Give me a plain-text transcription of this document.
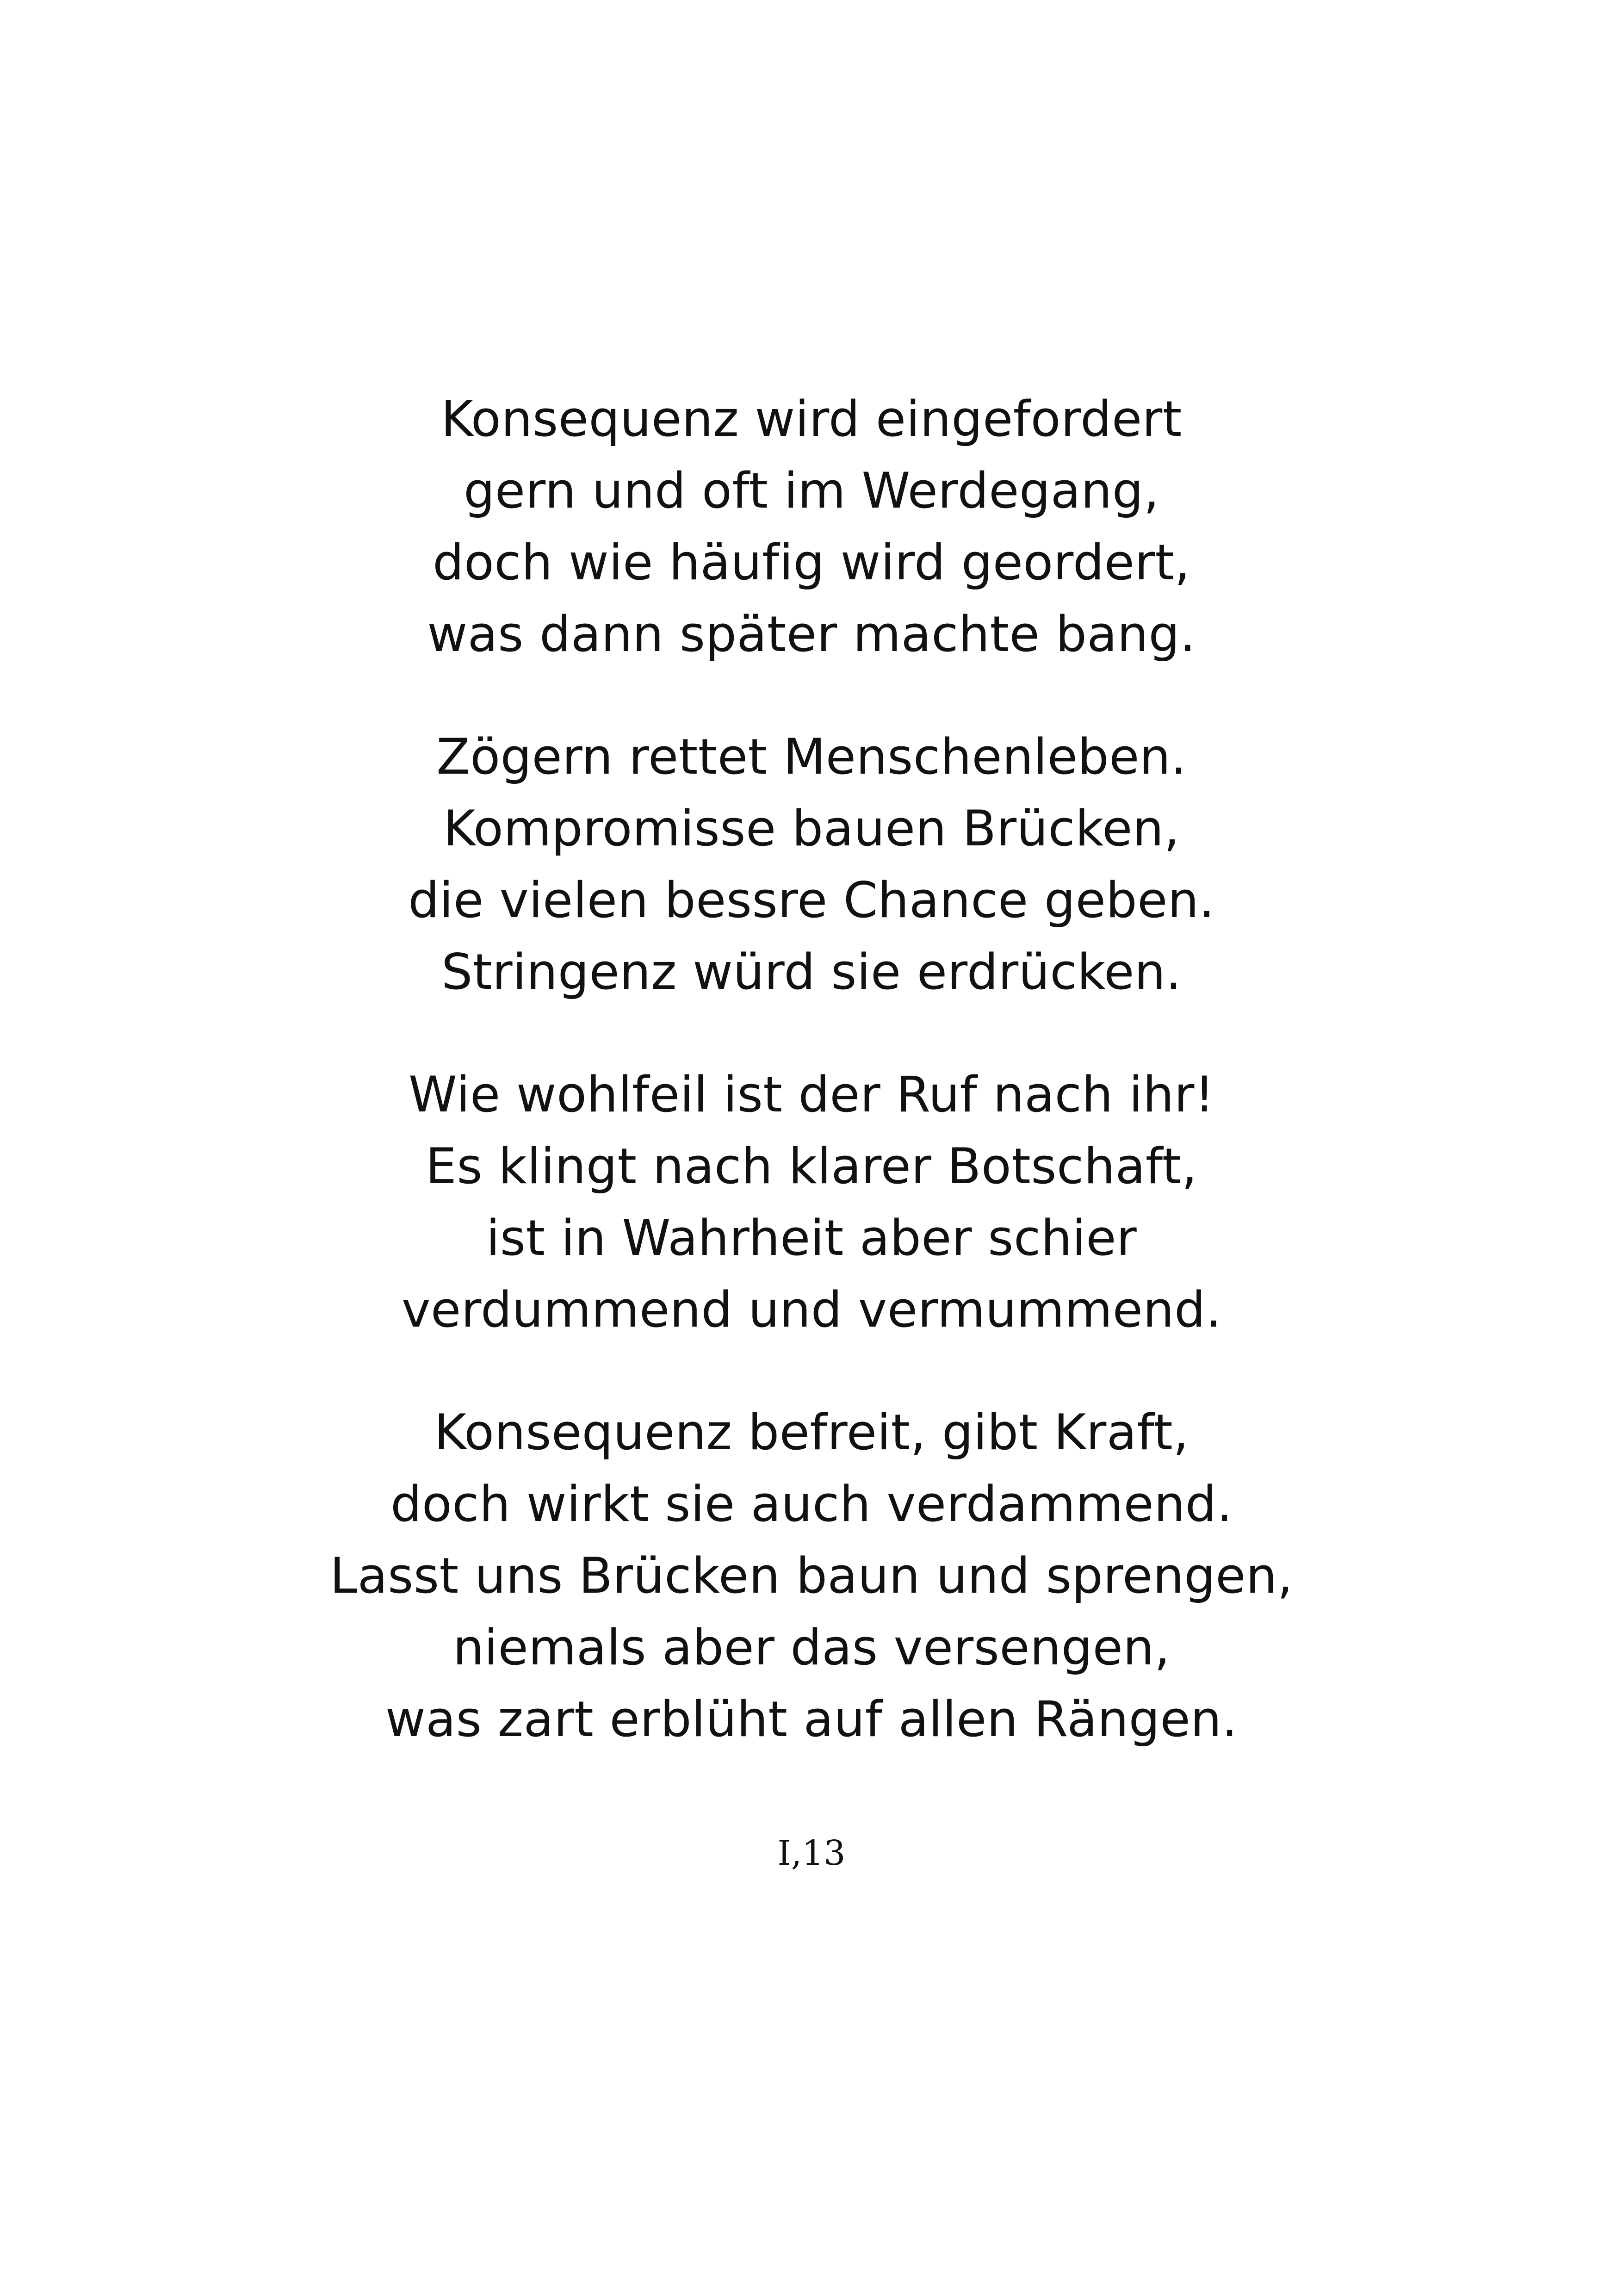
Konsequenz wird eingefordert
gern und oft im Werdegang,
doch wie häufig wird geordert,
was dann später machte bang.
Zögern rettet Menschenleben.
Kompromisse bauen Brücken,
die vielen bessre Chance geben.
Stringenz würd sie erdrücken.
Wie wohlfeil ist der Ruf nach ihr!
Es klingt nach klarer Botschaft,
ist in Wahrheit aber schier
verdummend und vermummend.
Konsequenz befreit, gibt Kraft,
doch wirkt sie auch verdammend.
Lasst uns Brücken baun und sprengen,
niemals aber das versengen,
was zart erblüht auf allen Rängen.
I,13
